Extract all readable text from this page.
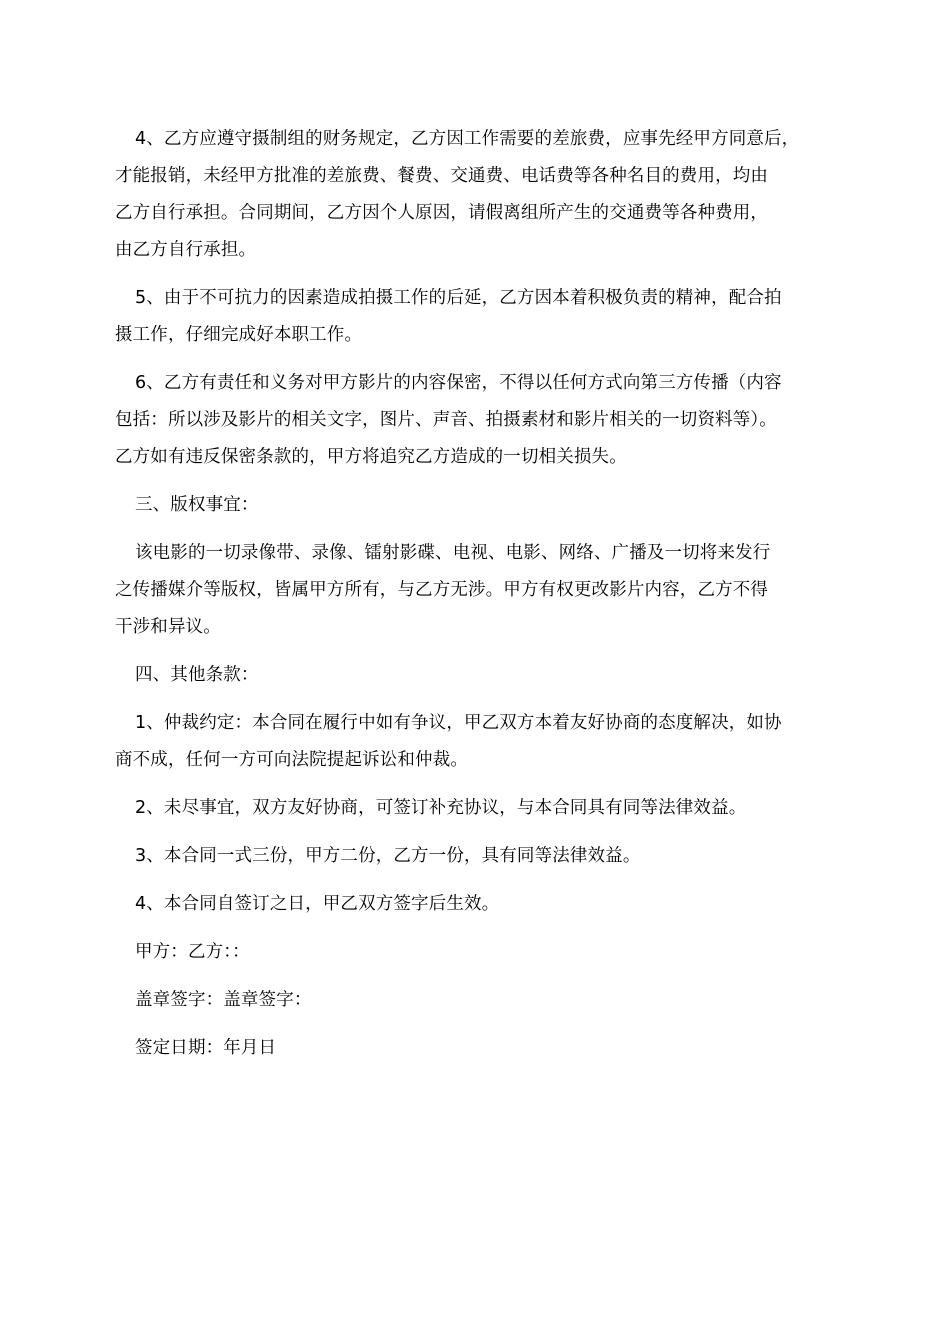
4、乙方应遵守摄制组的财务规定，乙方因工作需要的差旅费，应事先经甲方同意后，
才能报销，未经甲方批准的差旅费、餐费、交通费、电话费等各种名目的费用，均由
乙方自行承担。合同期间，乙方因个人原因，请假离组所产生的交通费等各种费用，
由乙方自行承担。

5、由于不可抗力的因素造成拍摄工作的后延，乙方因本着积极负责的精神，配合拍
摄工作，仔细完成好本职工作。

6、乙方有责任和义务对甲方影片的内容保密，不得以任何方式向第三方传播（内容
包括：所以涉及影片的相关文字，图片、声音、拍摄素材和影片相关的一切资料等）。
乙方如有违反保密条款的，甲方将追究乙方造成的一切相关损失。

三、版权事宜：

该电影的一切录像带、录像、镭射影碟、电视、电影、网络、广播及一切将来发行
之传播媒介等版权，皆属甲方所有，与乙方无涉。甲方有权更改影片内容，乙方不得
干涉和异议。

四、其他条款：

1、仲裁约定：本合同在履行中如有争议，甲乙双方本着友好协商的态度解决，如协
商不成，任何一方可向法院提起诉讼和仲裁。

2、未尽事宜，双方友好协商，可签订补充协议，与本合同具有同等法律效益。

3、本合同一式三份，甲方二份，乙方一份，具有同等法律效益。

4、本合同自签订之日，甲乙双方签字后生效。

甲方：乙方：：

盖章签字：盖章签字：

签定日期：年月日
